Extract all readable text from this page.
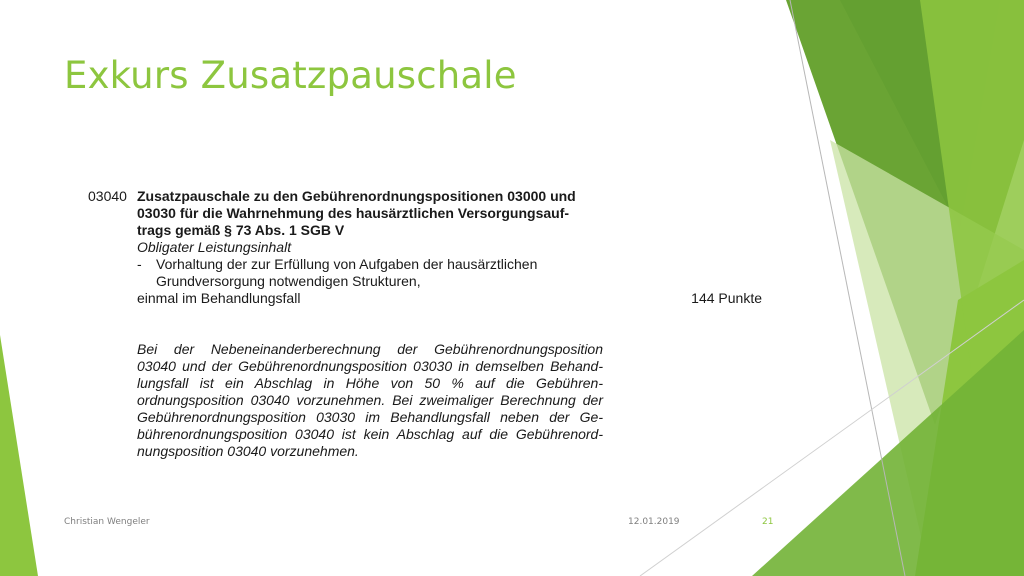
Exkurs Zusatzpauschale
03040 Zusatzpauschale zu den Gebührenordnungspositionen 03000 und
03030 für die Wahrnehmung des hausärztlichen Versorgungsauf-
trags gemäß § 73 Abs. 1 SGB V
Obligater Leistungsinhalt
-	Vorhaltung der zur Erfüllung von Aufgaben der hausärztlichen
Grundversorgung notwendigen Strukturen,
einmal im Behandlungsfall	144 Punkte
Bei der Nebeneinanderberechnung der Gebührenordnungsposition
03040 und der Gebührenordnungsposition 03030 in demselben Behand-
lungsfall ist ein Abschlag in Höhe von 50 % auf die Gebühren-
ordnungsposition 03040 vorzunehmen. Bei zweimaliger Berechnung der
Gebührenordnungsposition 03030 im Behandlungsfall neben der Ge-
bührenordnungsposition 03040 ist kein Abschlag auf die Gebührenord-
nungsposition 03040 vorzunehmen.
Christian Wengeler	12.01.2019	21
